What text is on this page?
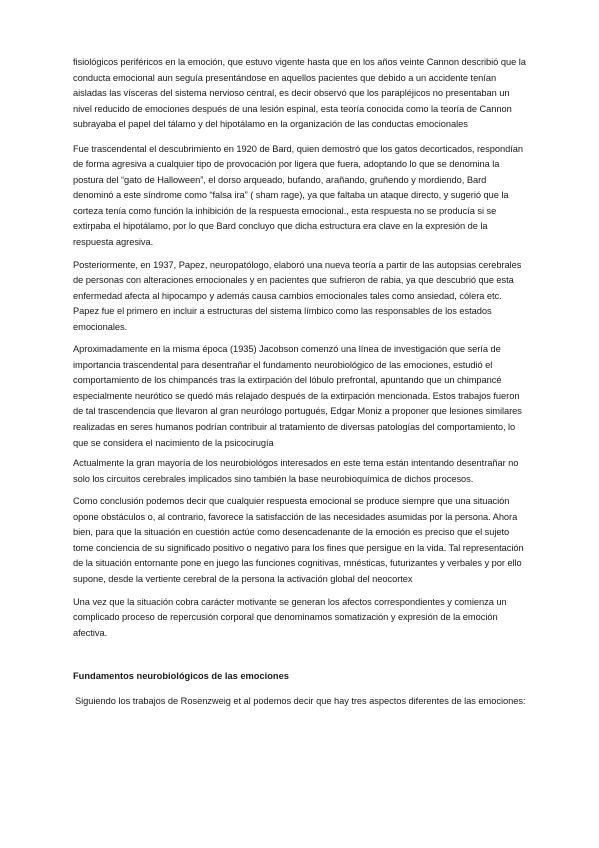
fisiológicos periféricos en la emoción, que estuvo vigente hasta que en los años veinte Cannon describió que la conducta emocional aun seguía presentándose en aquellos pacientes que debido a un accidente tenían aisladas las vísceras del sistema nervioso central, es decir observó que los parapléjicos no presentaban un nivel reducido de emociones después de una lesión espinal, esta teoría conocida como la teoría de Cannon subrayaba el papel del tálamo y del hipotálamo en la organización de las conductas emocionales

Fue trascendental el descubrimiento en 1920 de Bard, quien demostró que los gatos decorticados, respondían de forma agresiva a cualquier tipo de provocación por ligera que fuera, adoptando lo que se denomina la postura del “gato de Halloween”, el dorso arqueado, bufando, arañando, gruñendo y mordiendo, Bard denominó a este síndrome como “falsa ira” ( sham rage), ya que faltaba un ataque directo, y sugerió que la corteza tenía como función la inhibición de la respuesta emocional., esta respuesta no se producía si se extirpaba el hipotálamo, por lo que Bard concluyo que dicha estructura era clave en la expresión de la respuesta agresiva.

Posteriormente, en 1937, Papez, neuropatólogo, elaboró una nueva teoría a partir de las autopsias cerebrales de personas con alteraciones emocionales y en pacientes que sufrieron de rabia, ya que descubrió que esta enfermedad afecta al hipocampo y además causa cambios emocionales tales como ansiedad, cólera etc. Papez fue el primero en incluir a estructuras del sistema límbico como las responsables de los estados emocionales.

Aproximadamente en la misma época (1935) Jacobson comenzó una línea de investigación que sería de importancia trascendental para desentrañar el fundamento neurobiológico de las emociones, estudió el comportamiento de los chimpancés tras la extirpación del lóbulo prefrontal, apuntando que un chimpancé especialmente neurótico se quedó más relajado después de la extirpación mencionada. Estos trabajos fueron de tal trascendencia que llevaron al gran neurólogo portugués, Edgar Moniz a proponer que lesiones similares realizadas en seres humanos podrían contribuir al tratamiento de diversas patologías del comportamiento, lo que se considera el nacimiento de la psicocirugía

Actualmente la gran mayoría de los neurobiológos interesados en este tema están intentando desentrañar no solo los circuitos cerebrales implicados sino también la base neurobioquímica de dichos procesos.

Como conclusión podemos decir que cualquier respuesta emocional se produce siempre que una situación opone obstáculos o, al contrario, favorece la satisfacción de las necesidades asumidas por la persona. Ahora bien, para que la situación en cuestión actúe como desencadenante de la emoción es preciso que el sujeto tome conciencia de su significado positivo o negativo para los fines que persigue en la vida. Tal representación de la situación entornante pone en juego las funciones cognitivas, mnésticas, futurizantes y verbales y por ello supone, desde la vertiente cerebral de la persona la activación global del neocortex

Una vez que la situación cobra carácter motivante se generan los afectos correspondientes y comienza un complicado proceso de repercusión corporal que denominamos somatización y expresión de la emoción afectiva.

Fundamentos neurobiológicos de las emociones

Siguiendo los trabajos de Rosenzweig et al podemos decir que hay tres aspectos diferentes de las emociones:
